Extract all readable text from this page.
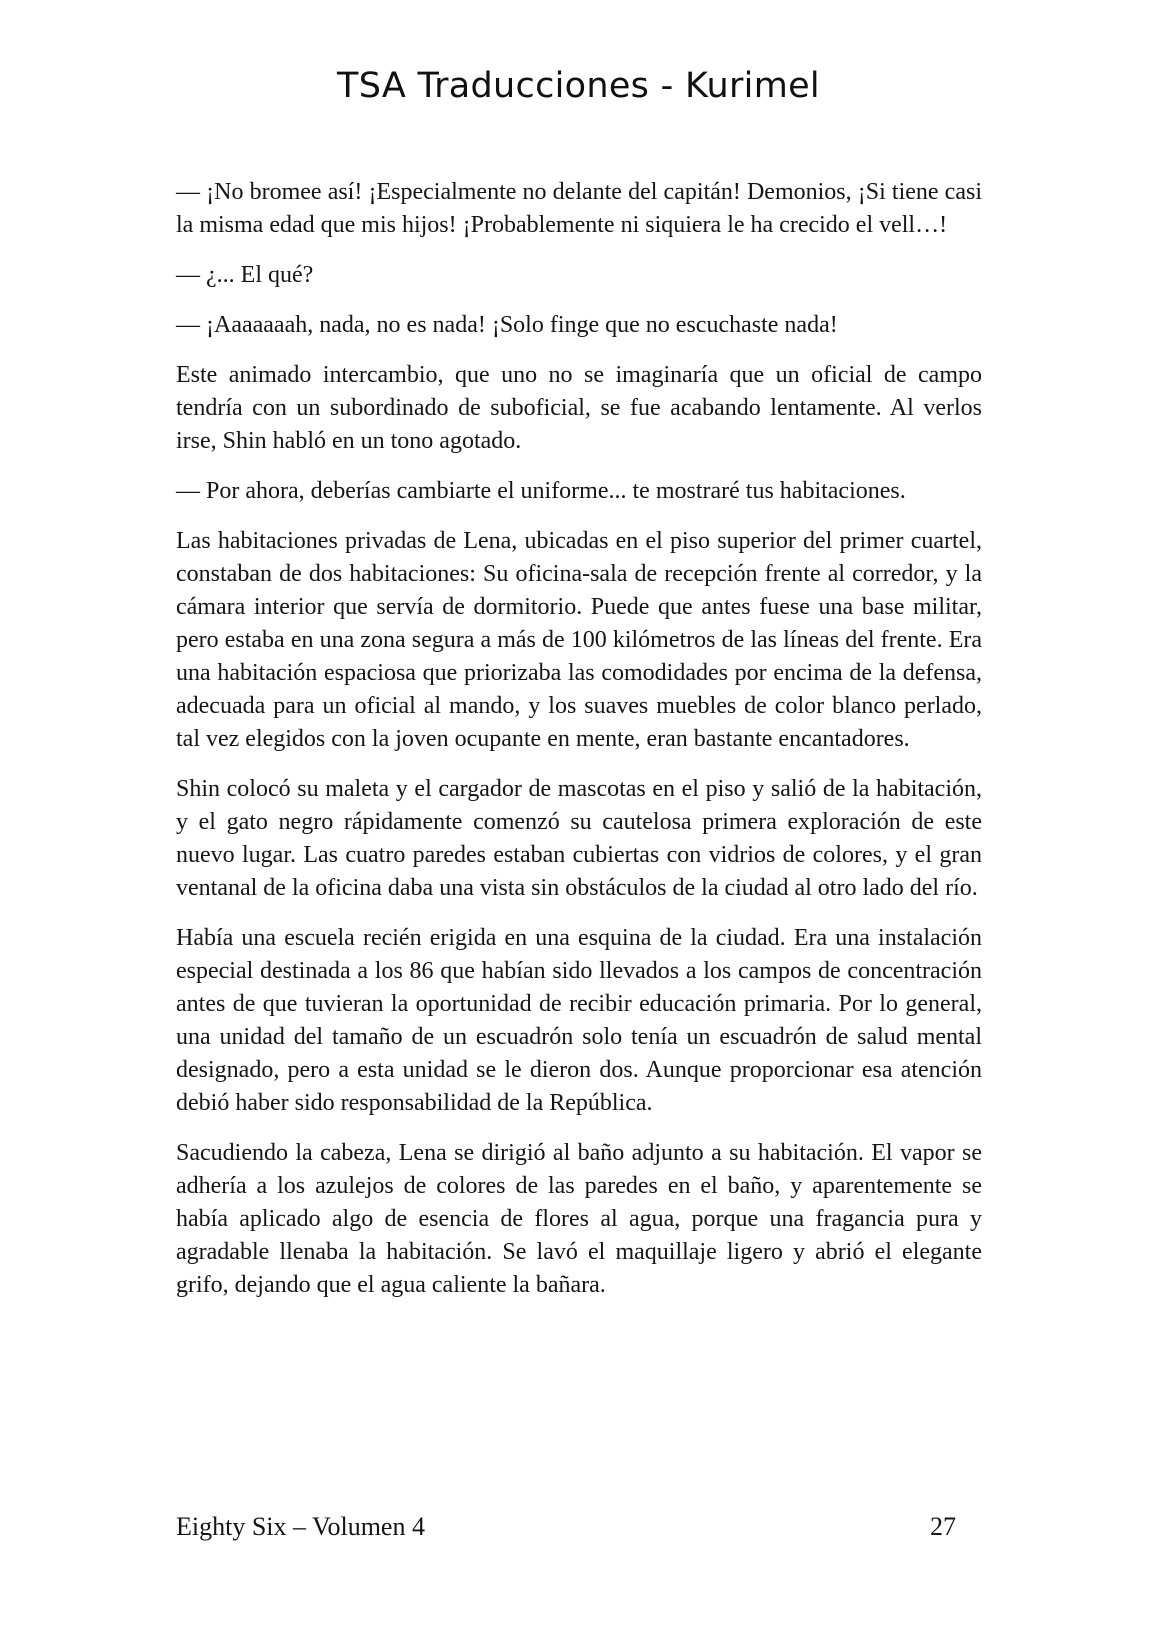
TSA Traducciones - Kurimel

— ¡No bromee así! ¡Especialmente no delante del capitán! Demonios, ¡Si tiene casi la misma edad que mis hijos! ¡Probablemente ni siquiera le ha crecido el vell…!

— ¿... El qué?

— ¡Aaaaaaah, nada, no es nada! ¡Solo finge que no escuchaste nada!

Este animado intercambio, que uno no se imaginaría que un oficial de campo tendría con un subordinado de suboficial, se fue acabando lentamente. Al verlos irse, Shin habló en un tono agotado.

— Por ahora, deberías cambiarte el uniforme... te mostraré tus habitaciones.

Las habitaciones privadas de Lena, ubicadas en el piso superior del primer cuartel, constaban de dos habitaciones: Su oficina-sala de recepción frente al corredor, y la cámara interior que servía de dormitorio. Puede que antes fuese una base militar, pero estaba en una zona segura a más de 100 kilómetros de las líneas del frente. Era una habitación espaciosa que priorizaba las comodidades por encima de la defensa, adecuada para un oficial al mando, y los suaves muebles de color blanco perlado, tal vez elegidos con la joven ocupante en mente, eran bastante encantadores.

Shin colocó su maleta y el cargador de mascotas en el piso y salió de la habitación, y el gato negro rápidamente comenzó su cautelosa primera exploración de este nuevo lugar. Las cuatro paredes estaban cubiertas con vidrios de colores, y el gran ventanal de la oficina daba una vista sin obstáculos de la ciudad al otro lado del río.

Había una escuela recién erigida en una esquina de la ciudad. Era una instalación especial destinada a los 86 que habían sido llevados a los campos de concentración antes de que tuvieran la oportunidad de recibir educación primaria. Por lo general, una unidad del tamaño de un escuadrón solo tenía un escuadrón de salud mental designado, pero a esta unidad se le dieron dos. Aunque proporcionar esa atención debió haber sido responsabilidad de la República.

Sacudiendo la cabeza, Lena se dirigió al baño adjunto a su habitación. El vapor se adhería a los azulejos de colores de las paredes en el baño, y aparentemente se había aplicado algo de esencia de flores al agua, porque una fragancia pura y agradable llenaba la habitación. Se lavó el maquillaje ligero y abrió el elegante grifo, dejando que el agua caliente la bañara.

Eighty Six – Volumen 4	27
